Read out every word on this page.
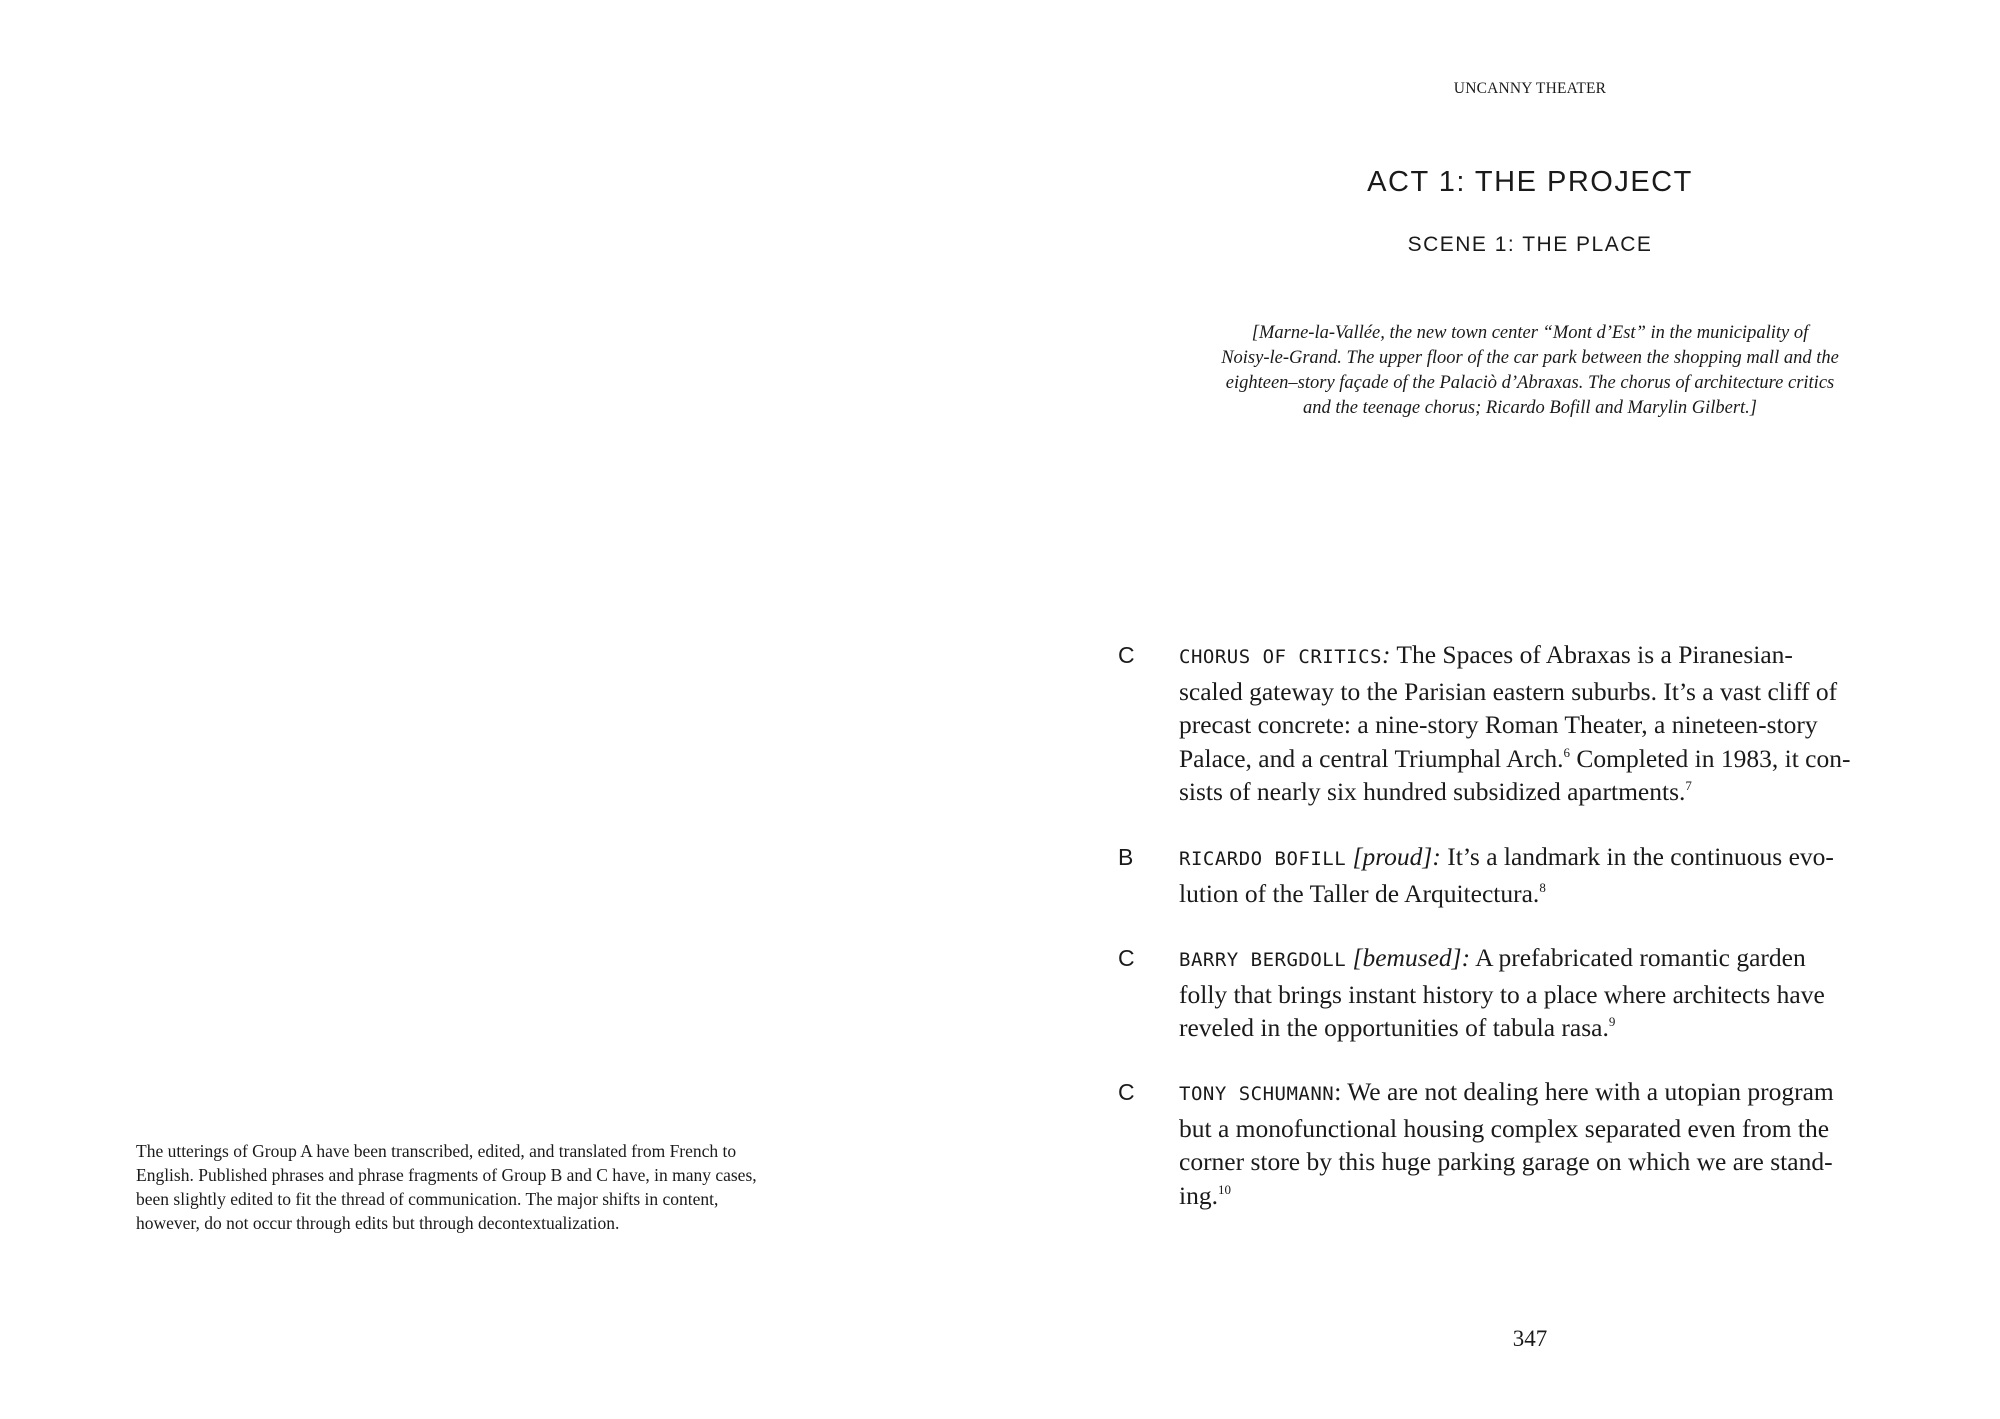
The utterings of Group A have been transcribed, edited, and translated from French to
English. Published phrases and phrase fragments of Group B and C have, in many cases,
been slightly edited to fit the thread of communication. The major shifts in content,
however, do not occur through edits but through decontextualization.
UNCANNY THEATER
ACT 1: THE PROJECT
SCENE 1: THE PLACE
[Marne-la-Vallée, the new town center “Mont d’Est” in the municipality of
Noisy-le-Grand. The upper floor of the car park between the shopping mall and the
eighteen–story façade of the Palaciò d’Abraxas. The chorus of architecture critics
and the teenage chorus; Ricardo Bofill and Marylin Gilbert.]
C CHORUS OF CRITICS: The Spaces of Abraxas is a Piranesian-
scaled gateway to the Parisian eastern suburbs. It’s a vast cliff of
precast concrete: a nine-story Roman Theater, a nineteen-story
Palace, and a central Triumphal Arch.$^6$ Completed in 1983, it con-
sists of nearly six hundred subsidized apartments.$^7$
B RICARDO BOFILL [proud]: It’s a landmark in the continuous evo-
lution of the Taller de Arquitectura.$^8$
C BARRY BERGDOLL [bemused]: A prefabricated romantic garden
folly that brings instant history to a place where architects have
reveled in the opportunities of tabula rasa.$^9$
C TONY SCHUMANN: We are not dealing here with a utopian program
but a monofunctional housing complex separated even from the
corner store by this huge parking garage on which we are stand-
ing.$^{10}$
347
